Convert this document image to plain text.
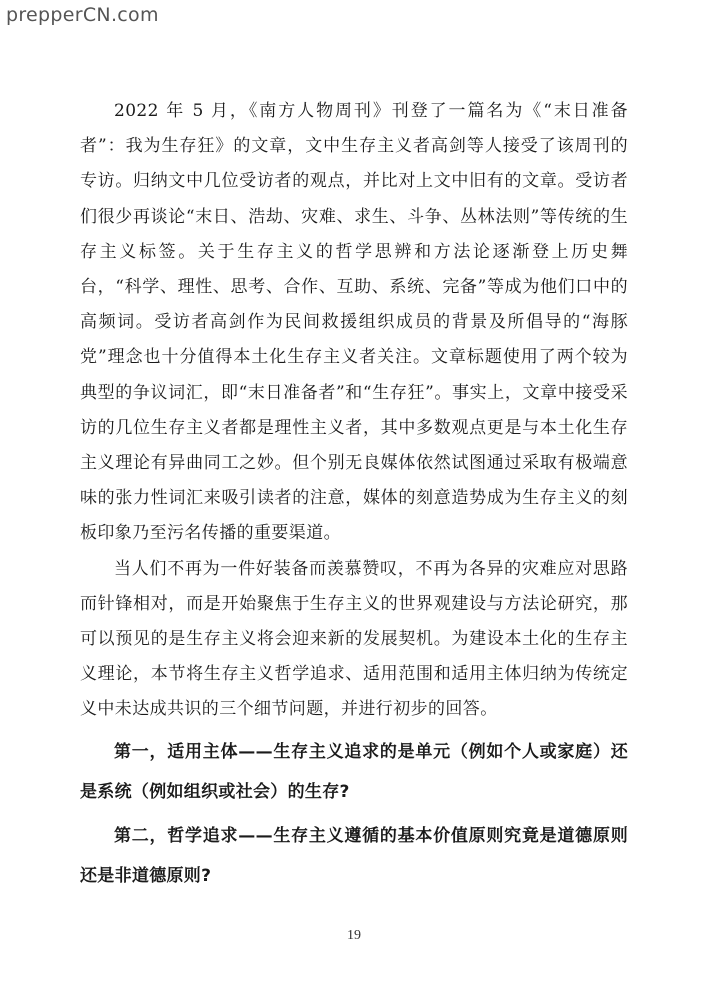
prepperCN.com

2022 年 5 月，《南方人物周刊》刊登了一篇名为《“末日准备者”：我为生存狂》的文章，文中生存主义者高剑等人接受了该周刊的专访。归纳文中几位受访者的观点，并比对上文中旧有的文章。受访者们很少再谈论“末日、浩劫、灾难、求生、斗争、丛林法则”等传统的生存主义标签。关于生存主义的哲学思辨和方法论逐渐登上历史舞台，“科学、理性、思考、合作、互助、系统、完备”等成为他们口中的高频词。受访者高剑作为民间救援组织成员的背景及所倡导的“海豚党”理念也十分值得本土化生存主义者关注。文章标题使用了两个较为典型的争议词汇，即“末日准备者”和“生存狂”。事实上，文章中接受采访的几位生存主义者都是理性主义者，其中多数观点更是与本土化生存主义理论有异曲同工之妙。但个别无良媒体依然试图通过采取有极端意味的张力性词汇来吸引读者的注意，媒体的刻意造势成为生存主义的刻板印象乃至污名传播的重要渠道。

当人们不再为一件好装备而羡慕赞叹，不再为各异的灾难应对思路而针锋相对，而是开始聚焦于生存主义的世界观建设与方法论研究，那可以预见的是生存主义将会迎来新的发展契机。为建设本土化的生存主义理论，本节将生存主义哲学追求、适用范围和适用主体归纳为传统定义中未达成共识的三个细节问题，并进行初步的回答。

第一，适用主体——生存主义追求的是单元（例如个人或家庭）还是系统（例如组织或社会）的生存?

第二，哲学追求——生存主义遵循的基本价值原则究竟是道德原则还是非道德原则?

19
